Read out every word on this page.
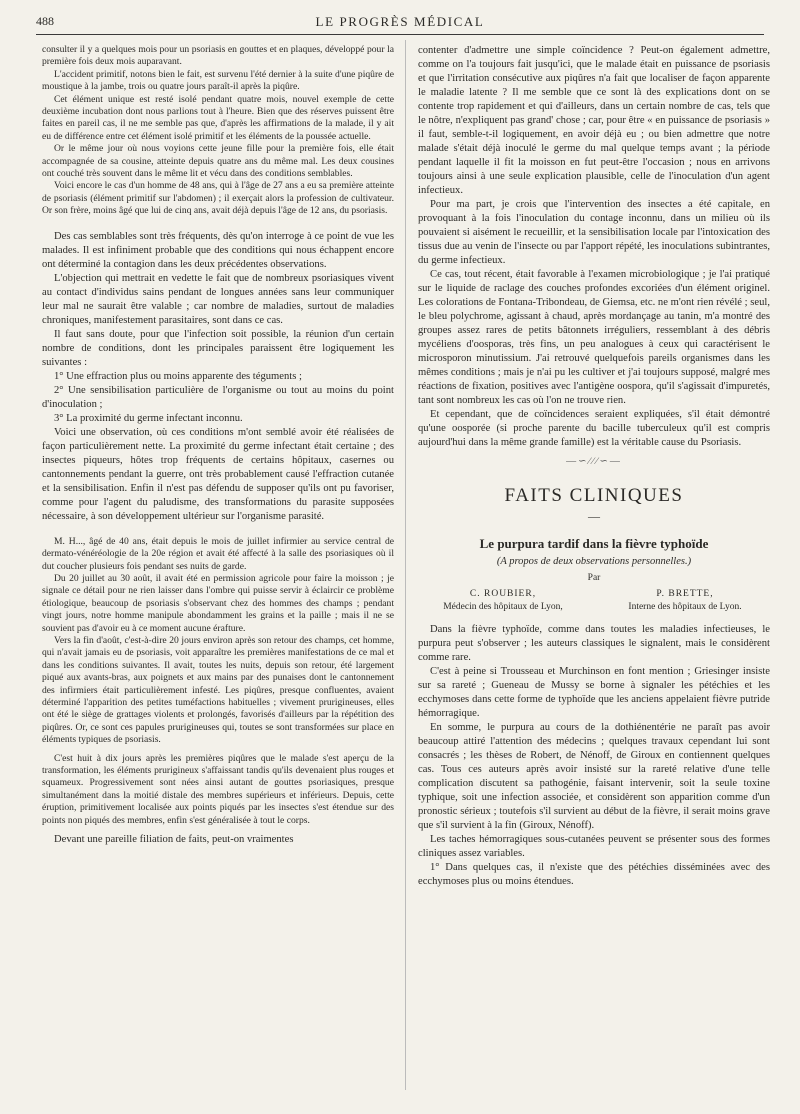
488	LE PROGRÈS MÉDICAL

consulter il y a quelques mois pour un psoriasis en gouttes et en plaques, développé pour la première fois deux mois auparavant.

L'accident primitif, notons bien le fait, est survenu l'été dernier à la suite d'une piqûre de moustique à la jambe, trois ou quatre jours paraît-il après la piqûre.

Cet élément unique est resté isolé pendant quatre mois, nouvel exemple de cette deuxième incubation dont nous parlions tout à l'heure. Bien que des réserves puissent être faites en pareil cas, il ne me semble pas que, d'après les affirmations de la malade, il y ait eu de différence entre cet élément isolé primitif et les éléments de la poussée actuelle.

Or le même jour où nous voyions cette jeune fille pour la première fois, elle était accompagnée de sa cousine, atteinte depuis quatre ans du même mal. Les deux cousines ont couché très souvent dans le même lit et vécu dans des conditions semblables.

Voici encore le cas d'un homme de 48 ans, qui à l'âge de 27 ans a eu sa première atteinte de psoriasis (élément primitif sur l'abdomen) ; il exerçait alors la profession de cultivateur. Or son frère, moins âgé que lui de cinq ans, avait déjà depuis l'âge de 12 ans, du psoriasis.

Des cas semblables sont très fréquents, dès qu'on interroge à ce point de vue les malades. Il est infiniment probable que des conditions qui nous échappent encore ont déterminé la contagion dans les deux précédentes observations.

L'objection qui mettrait en vedette le fait que de nombreux psoriasiques vivent au contact d'individus sains pendant de longues années sans leur communiquer leur mal ne saurait être valable ; car nombre de maladies, surtout de maladies chroniques, manifestement parasitaires, sont dans ce cas.

Il faut sans doute, pour que l'infection soit possible, la réunion d'un certain nombre de conditions, dont les principales paraissent être logiquement les suivantes :

1° Une effraction plus ou moins apparente des téguments ;

2° Une sensibilisation particulière de l'organisme ou tout au moins du point d'inoculation ;

3° La proximité du germe infectant inconnu.

Voici une observation, où ces conditions m'ont semblé avoir été réalisées de façon particulièrement nette. La proximité du germe infectant était certaine ; des insectes piqueurs, hôtes trop fréquents de certains hôpitaux, casernes ou cantonnements pendant la guerre, ont très probablement causé l'effraction cutanée et la sensibilisation. Enfin il n'est pas défendu de supposer qu'ils ont pu favoriser, comme pour l'agent du paludisme, des transformations du parasite supposées nécessaire, à son développement ultérieur sur l'organisme parasité.

M. H..., âgé de 40 ans, était depuis le mois de juillet infirmier au service central de dermato-vénéréologie de la 20e région et avait été affecté à la salle des psoriasiques où il dut coucher plusieurs fois pendant ses nuits de garde.

Du 20 juillet au 30 août, il avait été en permission agricole pour faire la moisson ; je signale ce détail pour ne rien laisser dans l'ombre qui puisse servir à éclaircir ce problème étiologique, beaucoup de psoriasis s'observant chez des hommes des champs ; pendant vingt jours, notre homme manipule abondamment les grains et la paille ; mais il ne se souvient pas d'avoir eu à ce moment aucune érafture.

Vers la fin d'août, c'est-à-dire 20 jours environ après son retour des champs, cet homme, qui n'avait jamais eu de psoriasis, voit apparaître les premières manifestations de ce mal et dans les conditions suivantes. Il avait, toutes les nuits, depuis son retour, été largement piqué aux avants-bras, aux poignets et aux mains par des punaises dont le cantonnement des infirmiers était particulièrement infesté. Les piqûres, presque confluentes, avaient déterminé l'apparition des petites tuméfactions habituelles ; vivement prurigineuses, elles ont été le siège de grattages violents et prolongés, favorisés d'ailleurs par la répétition des piqûres. Or, ce sont ces papules prurigineuses qui, toutes se sont transformées sur place en éléments typiques de psoriasis.

C'est huit à dix jours après les premières piqûres que le malade s'est aperçu de la transformation, les éléments prurigineux s'affaissant tandis qu'ils devenaient plus rouges et squameux. Progressivement sont nées ainsi autant de gouttes psoriasiques, presque simultanément dans la moitié distale des membres supérieurs et inférieurs. Depuis, cette éruption, primitivement localisée aux points piqués par les insectes s'est étendue sur des points non piqués des membres, enfin s'est généralisée à tout le corps.

Devant une pareille filiation de faits, peut-on vraimentes

contenter d'admettre une simple coïncidence ? Peut-on également admettre, comme on l'a toujours fait jusqu'ici, que le malade était en puissance de psoriasis et que l'irritation consécutive aux piqûres n'a fait que localiser de façon apparente le maladie latente ? Il me semble que ce sont là des explications dont on se contente trop rapidement et qui d'ailleurs, dans un certain nombre de cas, tels que le nôtre, n'expliquent pas grand' chose ; car, pour être « en puissance de psoriasis » il faut, semble-t-il logiquement, en avoir déjà eu ; ou bien admettre que notre malade s'était déjà inoculé le germe du mal quelque temps avant ; la période pendant laquelle il fit la moisson en fut peut-être l'occasion ; nous en arrivons toujours ainsi à une seule explication plausible, celle de l'inoculation d'un agent infectieux.

Pour ma part, je crois que l'intervention des insectes a été capitale, en provoquant à la fois l'inoculation du contage inconnu, dans un milieu où ils pouvaient si aisément le recueillir, et la sensibilisation locale par l'intoxication des tissus due au venin de l'insecte ou par l'apport répété, les inoculations subintrantes, du germe infectieux.

Ce cas, tout récent, était favorable à l'examen microbiologique ; je l'ai pratiqué sur le liquide de raclage des couches profondes excoriées d'un élément originel. Les colorations de Fontana-Tribondeau, de Giemsa, etc. ne m'ont rien révélé ; seul, le bleu polychrome, agissant à chaud, après mordançage au tanin, m'a montré des groupes assez rares de petits bâtonnets irréguliers, ressemblant à des débris mycéliens d'oosporas, très fins, un peu analogues à ceux qui caractérisent le microsporon minutissium. J'ai retrouvé quelquefois pareils organismes dans les mêmes conditions ; mais je n'ai pu les cultiver et j'ai toujours supposé, malgré mes réactions de fixation, positives avec l'antigène oospora, qu'il s'agissait d'impuretés, tant sont nombreux les cas où l'on ne trouve rien.

Et cependant, que de coïncidences seraient expliquées, s'il était démontré qu'une oosporée (si proche parente du bacille tuberculeux qu'il est compris aujourd'hui dans la même grande famille) est la véritable cause du Psoriasis.

—∽∕∕∕∽—
FAITS CLINIQUES
—
Le purpura tardif dans la fièvre typhoïde
(A propos de deux observations personnelles.)
Par
C. ROUBIER,
Médecin des hôpitaux de Lyon,
P. BRETTE,
Interne des hôpitaux de Lyon.

Dans la fièvre typhoïde, comme dans toutes les maladies infectieuses, le purpura peut s'observer ; les auteurs classiques le signalent, mais le considèrent comme rare.

C'est à peine si Trousseau et Murchinson en font mention ; Griesinger insiste sur sa rareté ; Gueneau de Mussy se borne à signaler les pétéchies et les ecchymoses dans cette forme de typhoïde que les anciens appelaient fièvre putride hémorragique.

En somme, le purpura au cours de la dothiénentérie ne paraît pas avoir beaucoup attiré l'attention des médecins ; quelques travaux cependant lui sont consacrés ; les thèses de Robert, de Nénoff, de Giroux en contiennent quelques cas. Tous ces auteurs après avoir insisté sur la rareté relative d'une telle complication discutent sa pathogénie, faisant intervenir, soit la seule toxine typhique, soit une infection associée, et considèrent son apparition comme d'un pronostic sérieux ; toutefois s'il survient au début de la fièvre, il serait moins grave que s'il survient à la fin (Giroux, Nénoff).

Les taches hémorragiques sous-cutanées peuvent se présenter sous des formes cliniques assez variables.

1° Dans quelques cas, il n'existe que des pétéchies disséminées avec des ecchymoses plus ou moins étendues.
